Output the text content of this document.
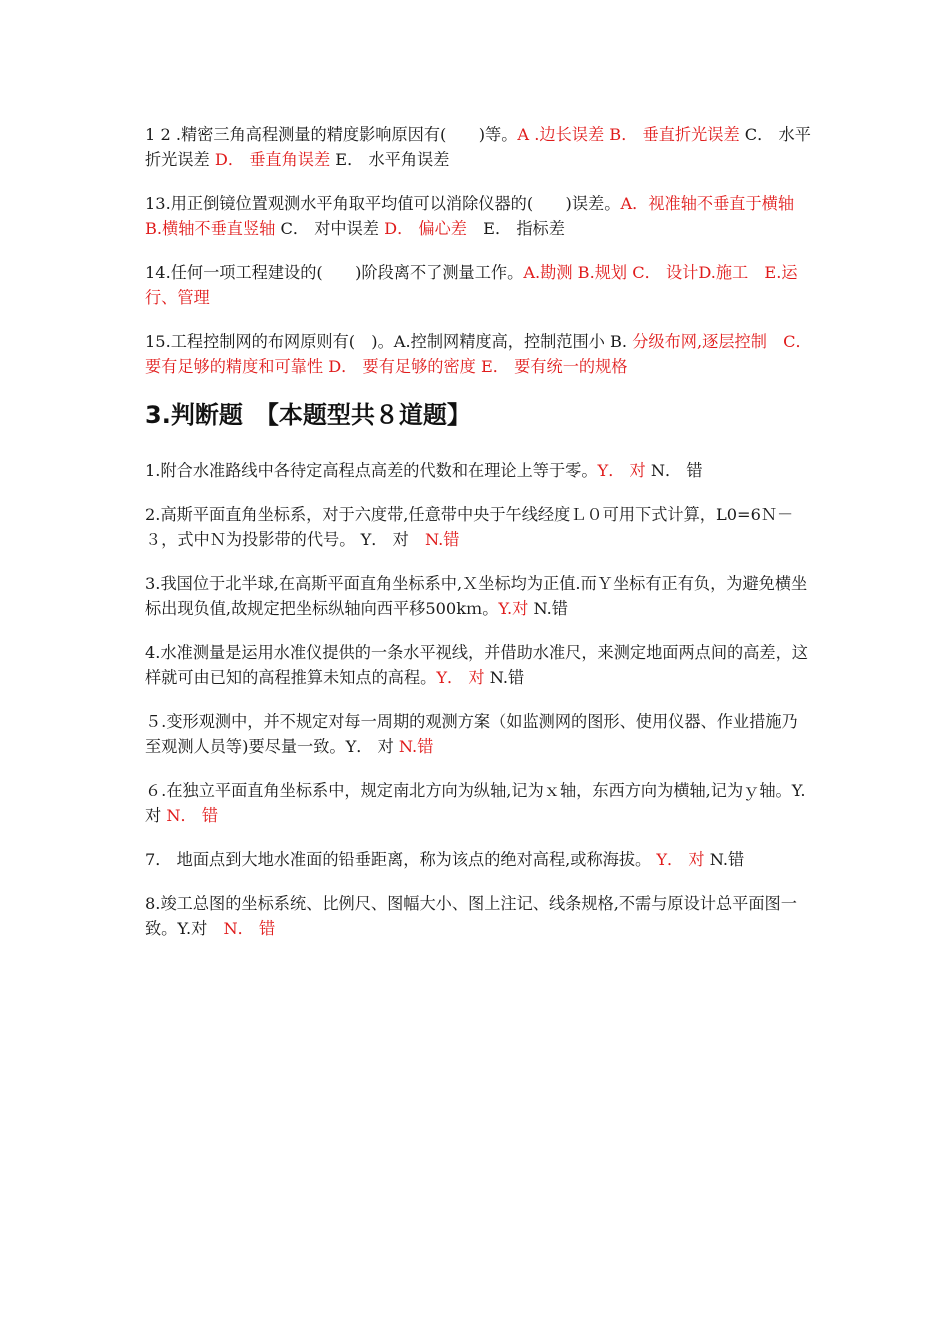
1 2 .精密三角高程测量的精度影响原因有(　　)等。A .边长误差 B． 垂直折光误差 C． 水平折光误差 D． 垂直角误差 E． 水平角误差
13.用正倒镜位置观测水平角取平均值可以消除仪器的(　　)误差。A．视准轴不垂直于横轴 B.横轴不垂直竖轴 C． 对中误差 D． 偏心差　E． 指标差
14.任何一项工程建设的(　　)阶段离不了测量工作。A.勘测 B.规划 C． 设计D.施工　E.运行、管理
15.工程控制网的布网原则有(　)。A.控制网精度高，控制范围小 B. 分级布网,逐层控制　C． 要有足够的精度和可靠性 D． 要有足够的密度 E． 要有统一的规格
3.判断题　【本题型共８道题】
1.附合水准路线中各待定高程点高差的代数和在理论上等于零。Y． 对 N． 错
2.高斯平面直角坐标系，对于六度带,任意带中央于午线经度Ｌ０可用下式计算，L0=6Ｎ－３，式中Ｎ为投影带的代号。 Y． 对　N.错
3.我国位于北半球,在高斯平面直角坐标系中,Ｘ坐标均为正值.而Ｙ坐标有正有负，为避免横坐标出现负值,故规定把坐标纵轴向西平移500kｍ。Y.对 N.错
4.水准测量是运用水准仪提供的一条水平视线，并借助水准尺，来测定地面两点间的高差，这样就可由已知的高程推算未知点的高程。Y． 对 N.错
５.变形观测中，并不规定对每一周期的观测方案（如监测网的图形、使用仪器、作业措施乃至观测人员等)要尽量一致。Y． 对 N.错
６.在独立平面直角坐标系中，规定南北方向为纵轴,记为ｘ轴，东西方向为横轴,记为ｙ轴。Y.对 N． 错
7． 地面点到大地水准面的铅垂距离，称为该点的绝对高程,或称海拔。 Y． 对 N.错
8.竣工总图的坐标系统、比例尺、图幅大小、图上注记、线条规格,不需与原设计总平面图一致。Y.对　N． 错
